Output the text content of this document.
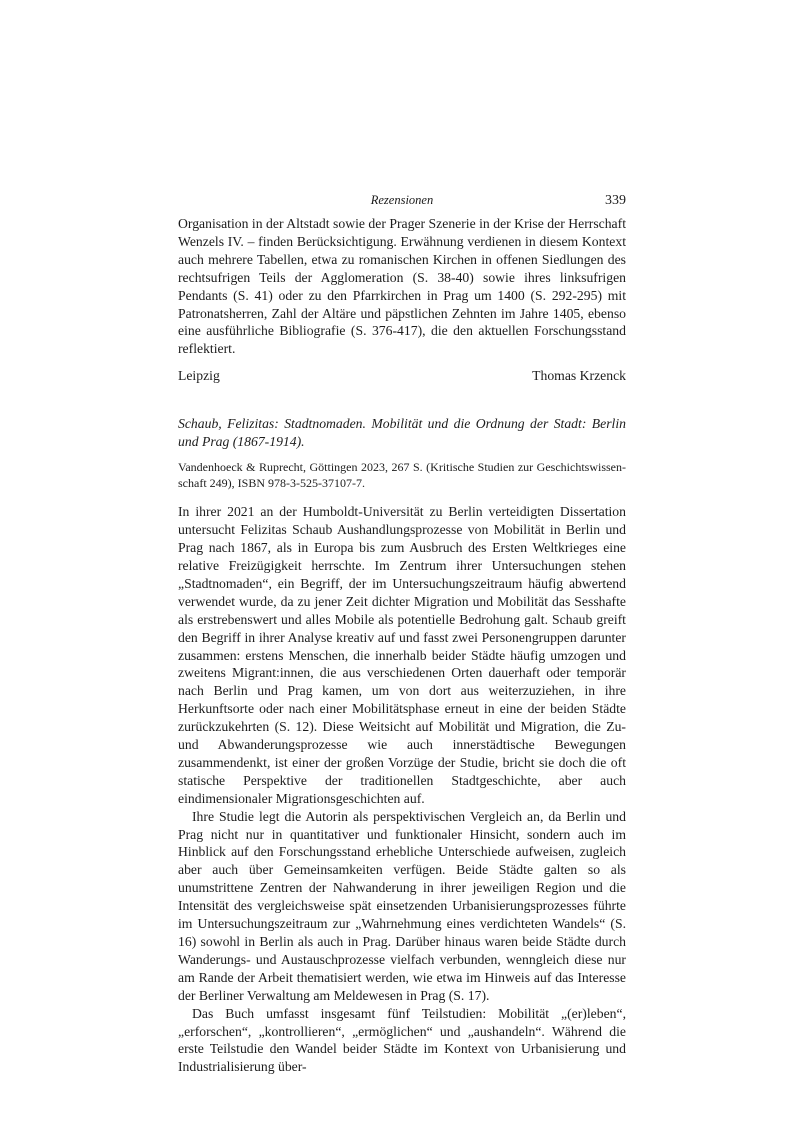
Rezensionen	339

Organisation in der Altstadt sowie der Prager Szenerie in der Krise der Herrschaft Wenzels IV. – finden Berücksichtigung. Erwähnung verdienen in diesem Kontext auch mehrere Tabellen, etwa zu romanischen Kirchen in offenen Siedlungen des rechtsufrigen Teils der Agglomeration (S. 38-40) sowie ihres linksufrigen Pendants (S. 41) oder zu den Pfarrkirchen in Prag um 1400 (S. 292-295) mit Patronatsherren, Zahl der Altäre und päpstlichen Zehnten im Jahre 1405, ebenso eine ausführliche Bibliografie (S. 376-417), die den aktuellen Forschungsstand reflektiert.

Leipzig	Thomas Krzenck
Schaub, Felizitas: Stadtnomaden. Mobilität und die Ordnung der Stadt: Berlin und Prag (1867-1914).
Vandenhoeck & Ruprecht, Göttingen 2023, 267 S. (Kritische Studien zur Geschichtswissenschaft 249), ISBN 978-3-525-37107-7.

In ihrer 2021 an der Humboldt-Universität zu Berlin verteidigten Dissertation untersucht Felizitas Schaub Aushandlungsprozesse von Mobilität in Berlin und Prag nach 1867, als in Europa bis zum Ausbruch des Ersten Weltkrieges eine relative Freizügigkeit herrschte. Im Zentrum ihrer Untersuchungen stehen „Stadtnomaden“, ein Begriff, der im Untersuchungszeitraum häufig abwertend verwendet wurde, da zu jener Zeit dichter Migration und Mobilität das Sesshafte als erstrebenswert und alles Mobile als potentielle Bedrohung galt. Schaub greift den Begriff in ihrer Analyse kreativ auf und fasst zwei Personengruppen darunter zusammen: erstens Menschen, die innerhalb beider Städte häufig umzogen und zweitens Migrant:innen, die aus verschiedenen Orten dauerhaft oder temporär nach Berlin und Prag kamen, um von dort aus weiterzuziehen, in ihre Herkunftsorte oder nach einer Mobilitätsphase erneut in eine der beiden Städte zurückzukehrten (S. 12). Diese Weitsicht auf Mobilität und Migration, die Zu- und Abwanderungsprozesse wie auch innerstädtische Bewegungen zusammendenkt, ist einer der großen Vorzüge der Studie, bricht sie doch die oft statische Perspektive der traditionellen Stadtgeschichte, aber auch eindimensionaler Migrationsgeschichten auf.

Ihre Studie legt die Autorin als perspektivischen Vergleich an, da Berlin und Prag nicht nur in quantitativer und funktionaler Hinsicht, sondern auch im Hinblick auf den Forschungsstand erhebliche Unterschiede aufweisen, zugleich aber auch über Gemeinsamkeiten verfügen. Beide Städte galten so als unumstrittene Zentren der Nahwanderung in ihrer jeweiligen Region und die Intensität des vergleichsweise spät einsetzenden Urbanisierungsprozesses führte im Untersuchungszeitraum zur „Wahrnehmung eines verdichteten Wandels“ (S. 16) sowohl in Berlin als auch in Prag. Darüber hinaus waren beide Städte durch Wanderungs- und Austauschprozesse vielfach verbunden, wenngleich diese nur am Rande der Arbeit thematisiert werden, wie etwa im Hinweis auf das Interesse der Berliner Verwaltung am Meldewesen in Prag (S. 17).

Das Buch umfasst insgesamt fünf Teilstudien: Mobilität „(er)leben“, „erforschen“, „kontrollieren“, „ermöglichen“ und „aushandeln“. Während die erste Teilstudie den Wandel beider Städte im Kontext von Urbanisierung und Industrialisierung über-
